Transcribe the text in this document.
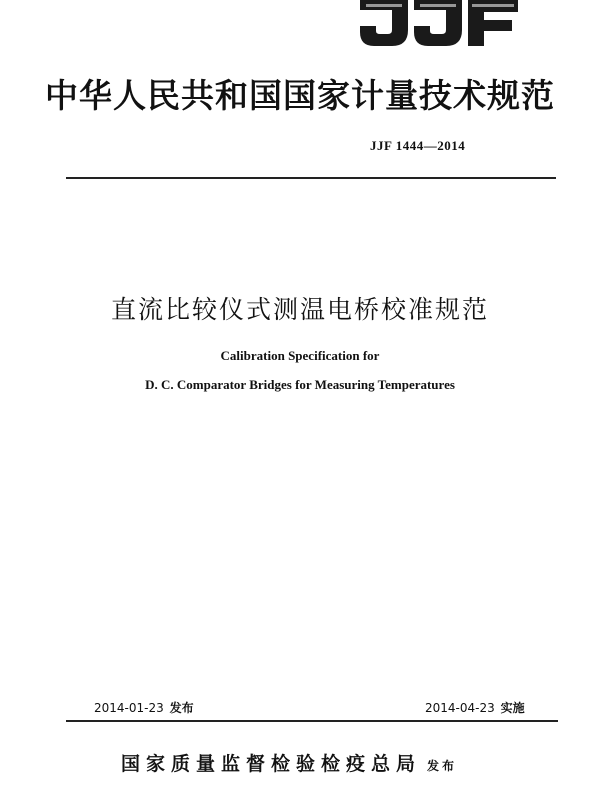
中华人民共和国国家计量技术规范
JJF 1444—2014
直流比较仪式测温电桥校准规范
Calibration Specification for
D. C. Comparator Bridges for Measuring Temperatures
2014-01-23 发布	2014-04-23 实施
国家质量监督检验检疫总局 发布
